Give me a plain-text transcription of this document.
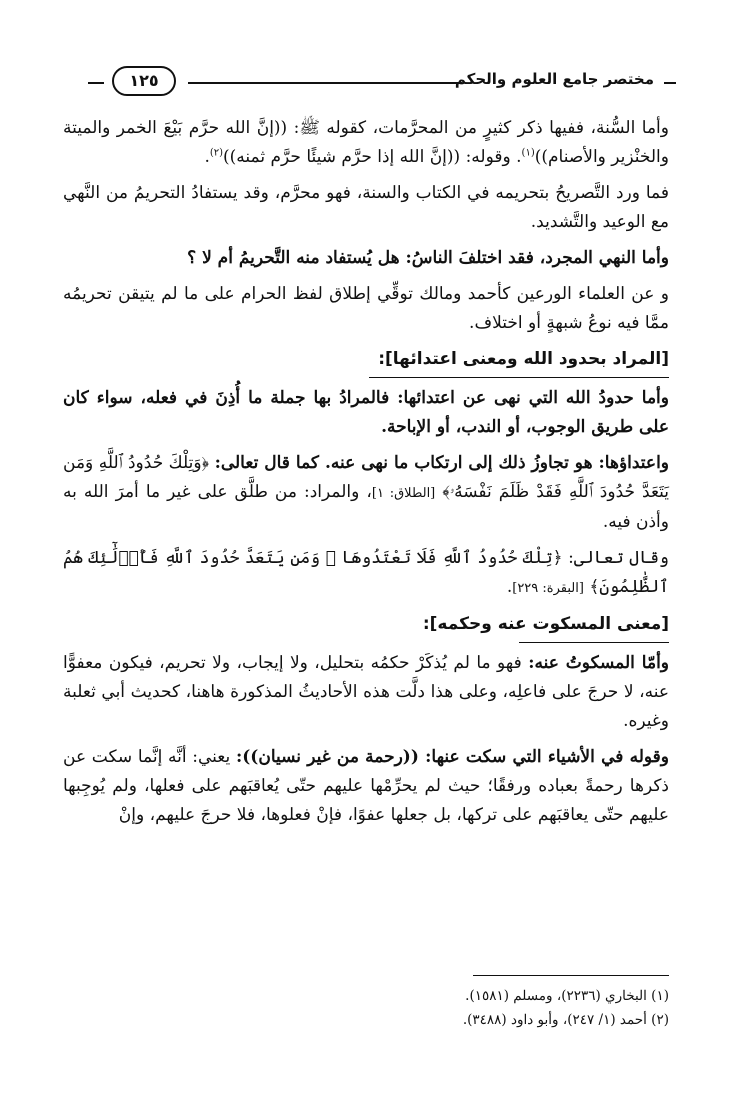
مختصر جامع العلوم والحكم
١٢٥

وأما السُّنة، ففيها ذكر كثيرٍ من المحرَّمات، كقوله ﷺ: ((إنَّ الله حرَّم بَيْعَ الخمر والميتة والخنْزير والأصنام))$^{(١)}$. وقوله: ((إنَّ الله إذا حرَّم شيئًا حرَّم ثمنه))$^{(٢)}$.

فما ورد التَّصريحُ بتحريمه في الكتاب والسنة، فهو محرَّم، وقد يستفادُ التحريمُ من النَّهي مع الوعيد والتَّشديد.

وأما النهي المجرد، فقد اختلفَ الناسُ: هل يُستفاد منه التَّحريمُ أم لا ؟

و عن العلماء الورعين كأحمد ومالك توقِّي إطلاق لفظ الحرام على ما لم يتيقن تحريمُه ممَّا فيه نوعُ شبهةٍ أو اختلاف.

[المراد بحدود الله ومعنى اعتدائها]:

وأما حدودُ الله التي نهى عن اعتدائها: فالمرادُ بها جملة ما أُذِنَ في فعله، سواء كان على طريق الوجوب، أو الندب، أو الإباحة.

واعتداؤها: هو تجاوزُ ذلك إلى ارتكاب ما نهى عنه. كما قال تعالى: ﴿وَتِلْكَ حُدُودُ ٱللَّهِ وَمَن يَتَعَدَّ حُدُودَ ٱللَّهِ فَقَدْ ظَلَمَ نَفْسَهُۥ﴾ [الطلاق: ١]، والمراد: من طلَّق على غير ما أمرَ الله به وأذن فيه.

وقال تعالى: ﴿تِلْكَ حُدُودُ ٱللَّهِ فَلَا تَعْتَدُوهَا ۚ وَمَن يَتَعَدَّ حُدُودَ ٱللَّهِ فَأُو۟لَٰٓئِكَ هُمُ ٱلظَّٰلِمُونَ﴾ [البقرة: ٢٢٩].

[معنى المسكوت عنه وحكمه]:

وأمّا المسكوتُ عنه: فهو ما لم يُذكَرْ حكمُه بتحليل، ولا إيجاب، ولا تحريم، فيكون معفوًّا عنه، لا حرجَ على فاعلِه، وعلى هذا دلَّت هذه الأحاديثُ المذكورة هاهنا، كحديث أبي ثعلبة وغيره.

وقوله في الأشياء التي سكت عنها: ((رحمة من غير نسيان)): يعني: أنَّه إنَّما سكت عن ذكرها رحمةً بعباده ورفقًا؛ حيث لم يحرِّمْها عليهم حتّى يُعاقبَهم على فعلها، ولم يُوجِبها عليهم حتّى يعاقبَهم على تركها، بل جعلها عفوًا، فإنْ فعلوها، فلا حرجَ عليهم، وإنْ

(١) البخاري (٢٢٣٦)، ومسلم (١٥٨١).

(٢) أحمد (١/ ٢٤٧)، وأبو داود (٣٤٨٨).
